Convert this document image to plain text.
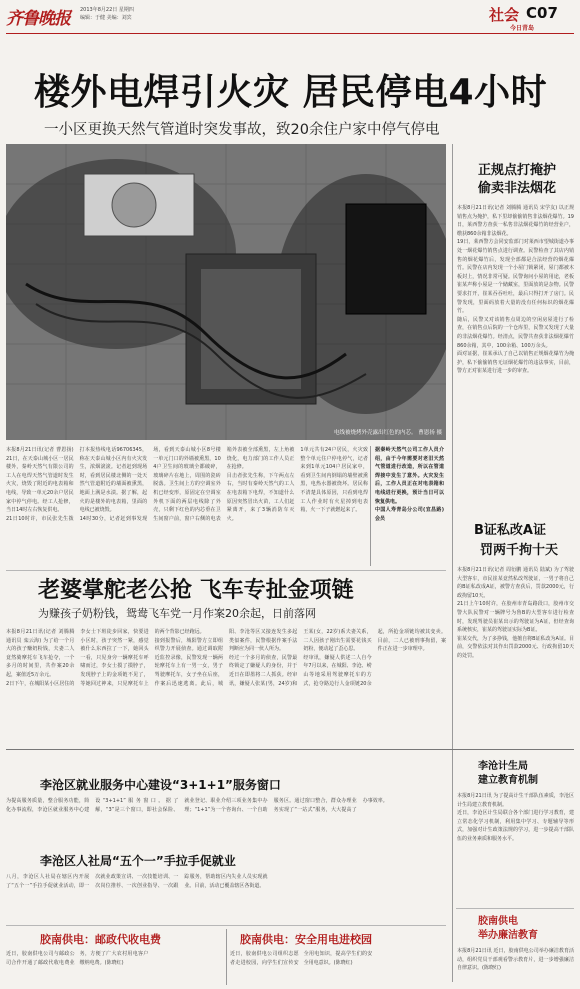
齐鲁晚报 2013年8月22日 星期四
编辑：于健 美编：刘宾	社会 C07
今日青岛
楼外电焊引火灾 居民停电4小时
一小区更换天然气管道时突发事故，致20余住户家中停气停电
电线被烧烤外壳露出红色的内芯。 曹恩扬 摄
本报8月21日讯(记者 曹恩扬) 21日，在天泰山城小区一居民楼外，秦岭天然气有限公司的工人在电焊天然气管道时发生火灾，烧毁了附近的电表箱和电线，导致一单元20余户居民家中停气停电。经工人抢修，当日14时左右恢复供电。
21日10时许，市民张先生拨打本报热线电话96706345，称在天泰山城小区内有火灾发生，浓烟滚滚。记者赶到现场时，看到居民楼北侧的一处天然气管道附近的墙面被熏黑，地面上满是水渍。据了解，起火的是楼外的电表箱，里面的电线已被烧毁。
14时30分，记者赶到事发现场，看到天泰山城小区8号楼一单元门口的外墙被熏黑，104户卫生间的玻璃全都破碎，玻璃碎片在地上，周围的瓷砖脱落。卫生间上方的空调室外机已经变形，原固定在空调室外机下面的两层电线除了外壳，只剩下红色的内芯垂在卫生间窗户前，窗户右侧的电表箱外表被全部熏黑，左上角被烧化，电力部门的工作人员正在抢修。
目击者张先生称，下午两点左右，当时有秦岭天然气的工人在电表箱下电焊，不知道什么原因突然冒出火苗，工人们赶紧离开，来了3辆消防车灭火。
1单元共有24户居民，火灾致整个单元住户停电停气，记者来到1单元104户居民家中，看到卫生间内倒塌的墙壁被熏黑，电热水器被烧坏。居民称不清楚具体原因，只看到电焊工人作业时有火星掉到电表箱，火一下子就燃起来了。
据秦岭天然气公司工作人员介绍，由于今年需要对老旧天然气管道进行改造，所以在管道焊接中发生了意外。火灾发生后，工作人员正在对电表箱和电线进行更换，预计当日可以恢复供电。
中国人寿青岛分公司(宜昌路)会员
老婆掌舵老公抢 飞车专扯金项链
为赚孩子奶粉钱，鸳鸯飞车党一月作案20余起，日前落网
本报8月21日讯(记者 刘腾腾 通讯员 栾云海) 为了给一个月大的孩子赚奶粉钱，夫妻二人竟然骑摩托车飞车抢夺，一个多月的时间里，共作案20余起，案值近5万余元。
2日下午，在城阳某小区居住的李女士下班徒步回家，快要进小区时，孩子突然一紧，感觉被什么东西拉了一下，她回头一看，只见身旁一辆摩托车呼啸而过，李女士摸了摸脖子，发现脖子上的金项链不见了，等她回过神来，只见摩托车上的两个背影已经跑远。
接到报警后，城阳警方立即组织警力开展侦查。通过调取附近监控录像，民警发现一辆两轮摩托车上有一男一女，男子驾驶摩托车，女子坐在后座，作案后迅速逃离。此后，城阳、李沧等区又接连发生多起类似案件，民警根据作案手法判断应为同一伙人所为。
经过一个多月的侦查，民警最终锁定了嫌疑人的身份，并于近日在即墨将二人抓获。经审讯，嫌疑人张某(男，24岁)和王某(女，22岁)系夫妻关系，二人因孩子刚出生需要花钱买奶粉，便动起了歪心思。
经审讯，嫌疑人供述二人自今年7月以来，在城阳、李沧、崂山等地采用驾驶摩托车的方式，抢夺路边行人金项链20余起，所抢金项链均被其变卖。目前，二人已被刑事拘留，案件正在进一步审理中。
正规点打掩护
偷卖非法烟花
本报8月21日讯(记者 刘腾腾 通讯员 宋学友) 以正规销售点为掩护，私下里却偷偷销售非法烟花爆竹。19日，莱西警方查获一私售非法烟花爆竹的经营业户，缴获860余箱非法烟花。
19日，莱西警方会同安监部门对莱西市望城街道办事处一烟花爆竹销售点进行调查。民警检查了其店内销售的烟花爆竹后，发现全部都是合法经营的烟花爆竹。民警在店内发现一个小屋门锁紧闭，屋门都被木板封上，情况非常可疑。民警询问小屋的用途，老板崔某声称小屋是一个储藏室，里面放的是杂物。民警要求打开，崔某吞吞吐吐，最后只得打开了房门。民警发现，里面码放着大量的没有任何标识的烟花爆竹。
随后，民警又对该销售点周边的空闲房屋进行了检查，在销售点后院的一个仓库里，民警又发现了大量的非法烟花爆竹。经清点，民警共查获非法烟花爆竹860余箱，其中，100余箱、100万余头。
面对证据，崔某承认了自己以销售正规烟花爆竹为掩护，私下偷偷销售无证烟花爆竹的违法事实，目前，警方正对崔某进行进一步的审查。
B证私改A证
罚两千拘十天
本报8月21日讯(记者 周衍鹏 通讯员 陆斌) 为了驾驶大型客车，市民崔某竟然私改驾驶证，一男子将自己的B证私改成A证，被警方查获后，罚款2000元，行政拘留10天。
21日上午10时许，在胶州市青岛路段口，胶州市交警大队民警对一辆牌号为鲁B的大型客车进行检查时，发现驾驶员崔某出示的驾驶证为A证，但经查询系统核实，崔某的驾驶证实际为B证。
崔某交代，为了多挣钱，他擅自将B证私改为A证。目前，交警依法对其作出罚款2000元、行政拘留10天的处罚。
李沧区就业服务中心建设“3+1+1”服务窗口
为提高服务质量，整合服务功能，简化办事流程，李沧区就业服务中心建设“3+1+1”服务窗口。据了解，“3”是三个窗口，即社会保险、就业登记、职业介绍三项业务集中办理；“1+1”为一个咨询台、一个自助服务区。通过窗口整合，群众办理业务实现了“一站式”服务，大大提高了办事效率。
李沧区人社局“五个一”手拉手促就业
八月，李沧区人社局在辖区内开展了“五个一”手拉手促就业活动，即一次就业政策宣讲、一次技能培训、一次岗位推荐、一次创业指导、一次跟踪服务，帮助辖区内失业人员实现就业。目前，活动已覆盖辖区各街道。
胶南供电：邮政代收电费
近日，胶南供电公司与邮政公司合作开通了邮政代收电费业务，方便了广大农村用电客户缴纳电费。(陈晓红)
胶南供电：安全用电进校园
近日，胶南供电公司组织志愿者走进校园，向学生们宣传安全用电知识，提高学生们的安全用电意识。(陈晓红)
李沧计生局
建立教育机制
本报8月21日讯 为了提高计生干部队伍素质，李沧区计生局建立教育机制。
近日，李沧区计生局联合各个部门进行学习教育，建立常态化学习机制，利用集中学习、专题辅导等形式，加强对计生政策法规的学习，进一步提高干部队伍的业务素质和服务水平。
胶南供电
举办廉洁教育
本报8月21日讯 近日，胶南供电公司举办廉洁教育活动，组织党员干部观看警示教育片，进一步增强廉洁自律意识。(陈晓红)
